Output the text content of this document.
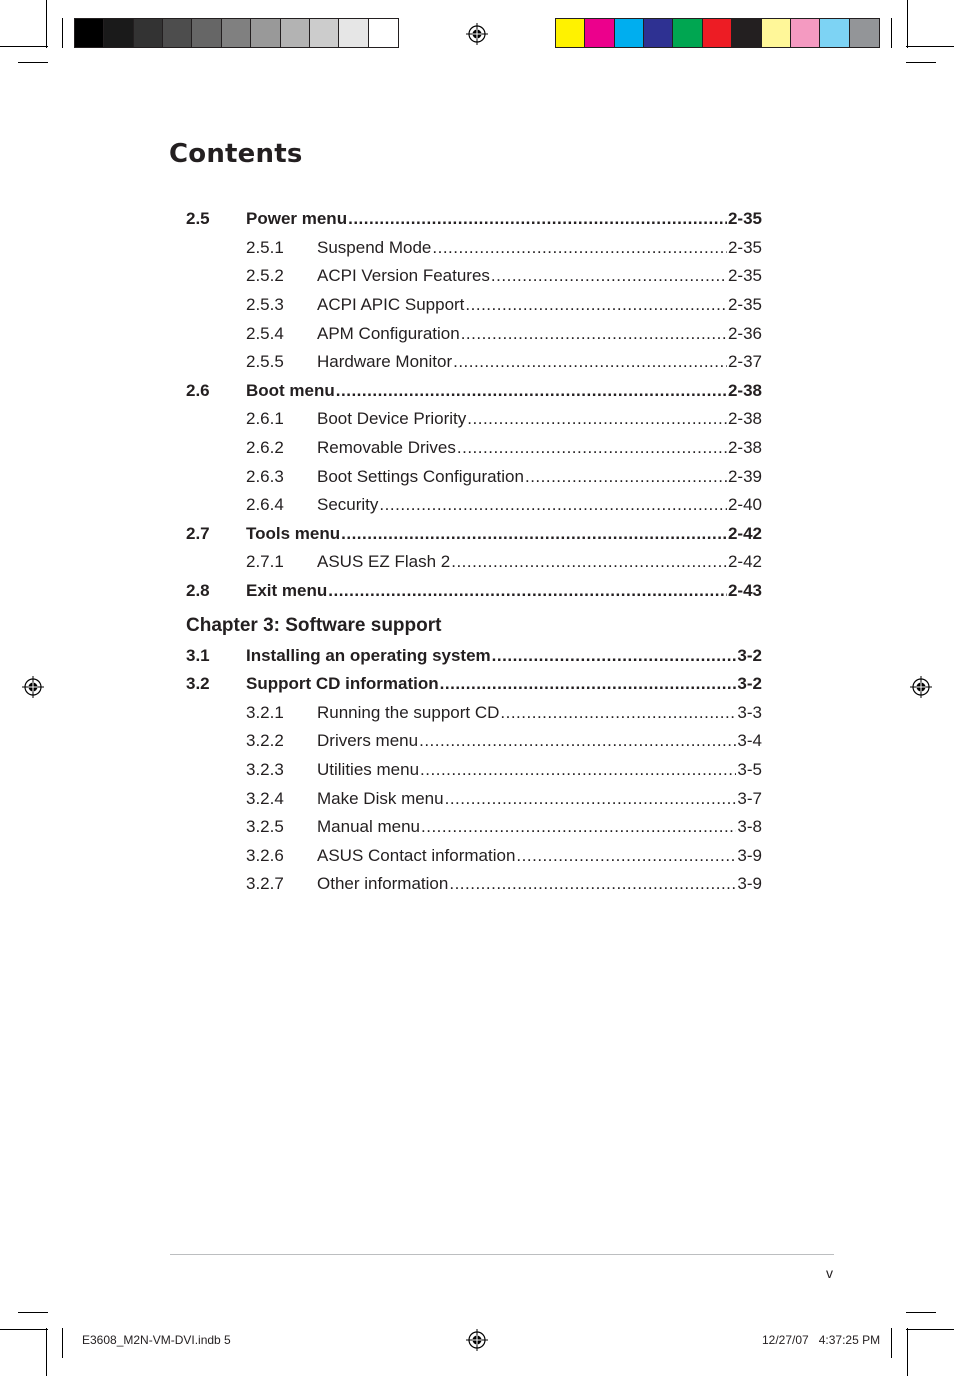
Contents
2.5 Power menu .....	2-35
2.5.1 Suspend Mode .....	2-35
2.5.2 ACPI Version Features .....	2-35
2.5.3 ACPI APIC Support .....	2-35
2.5.4 APM Configuration .....	2-36
2.5.5 Hardware Monitor .....	2-37
2.6 Boot menu .....	2-38
2.6.1 Boot Device Priority .....	2-38
2.6.2 Removable Drives .....	2-38
2.6.3 Boot Settings Configuration .....	2-39
2.6.4 Security .....	2-40
2.7 Tools menu .....	2-42
2.7.1 ASUS EZ Flash 2 .....	2-42
2.8 Exit menu .....	2-43
Chapter 3: Software support
3.1 Installing an operating system .....	3-2
3.2 Support CD information .....	3-2
3.2.1 Running the support CD .....	3-3
3.2.2 Drivers menu .....	3-4
3.2.3 Utilities menu .....	3-5
3.2.4 Make Disk menu .....	3-7
3.2.5 Manual menu .....	3-8
3.2.6 ASUS Contact information .....	3-9
3.2.7 Other information .....	3-9
v
E3608_M2N-VM-DVI.indb 5	12/27/07   4:37:25 PM
